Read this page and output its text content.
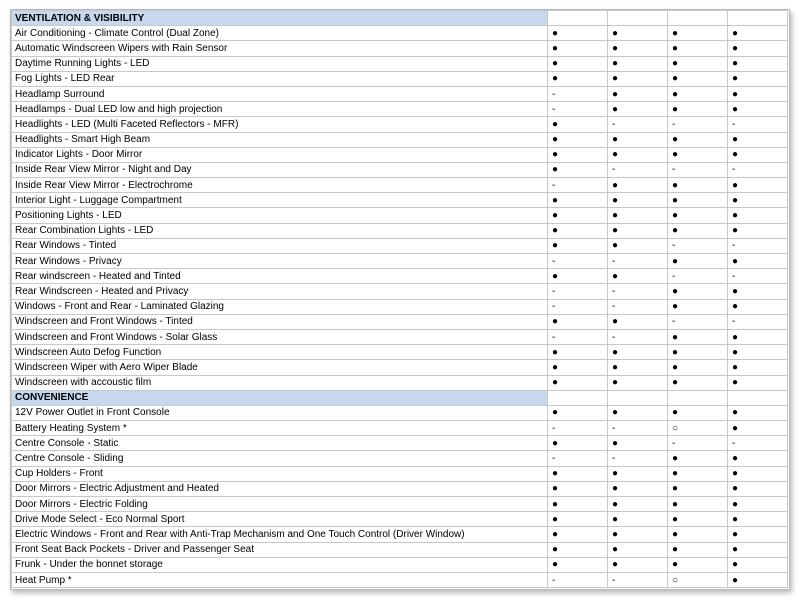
VENTILATION & VISIBILITY				
Air Conditioning - Climate Control (Dual Zone)	●	●	●	●
Automatic Windscreen Wipers with Rain Sensor	●	●	●	●
Daytime Running Lights - LED	●	●	●	●
Fog Lights - LED Rear	●	●	●	●
Headlamp Surround	-	●	●	●
Headlamps - Dual LED low and high projection	-	●	●	●
Headlights - LED (Multi Faceted Reflectors - MFR)	●	-	-	-
Headlights - Smart High Beam	●	●	●	●
Indicator Lights - Door Mirror	●	●	●	●
Inside Rear View Mirror - Night and Day	●	-	-	-
Inside Rear View Mirror - Electrochrome	-	●	●	●
Interior Light - Luggage Compartment	●	●	●	●
Positioning Lights - LED	●	●	●	●
Rear Combination Lights - LED	●	●	●	●
Rear Windows - Tinted	●	●	-	-
Rear Windows - Privacy	-	-	●	●
Rear windscreen - Heated and Tinted	●	●	-	-
Rear Windscreen - Heated and Privacy	-	-	●	●
Windows - Front and Rear - Laminated Glazing	-	-	●	●
Windscreen and Front Windows - Tinted	●	●	-	-
Windscreen and Front Windows - Solar Glass	-	-	●	●
Windscreen Auto Defog Function	●	●	●	●
Windscreen Wiper with Aero Wiper Blade	●	●	●	●
Windscreen with accoustic film	●	●	●	●
CONVENIENCE				
12V Power Outlet in Front Console	●	●	●	●
Battery Heating System *	-	-	○	●
Centre Console - Static	●	●	-	-
Centre Console - Sliding	-	-	●	●
Cup Holders - Front	●	●	●	●
Door Mirrors - Electric Adjustment and Heated	●	●	●	●
Door Mirrors - Electric Folding	●	●	●	●
Drive Mode Select - Eco Normal Sport	●	●	●	●
Electric Windows - Front and Rear with Anti-Trap Mechanism and One Touch Control (Driver Window)	●	●	●	●
Front Seat Back Pockets - Driver and Passenger Seat	●	●	●	●
Frunk - Under the bonnet storage	●	●	●	●
Heat Pump *	-	-	○	●
